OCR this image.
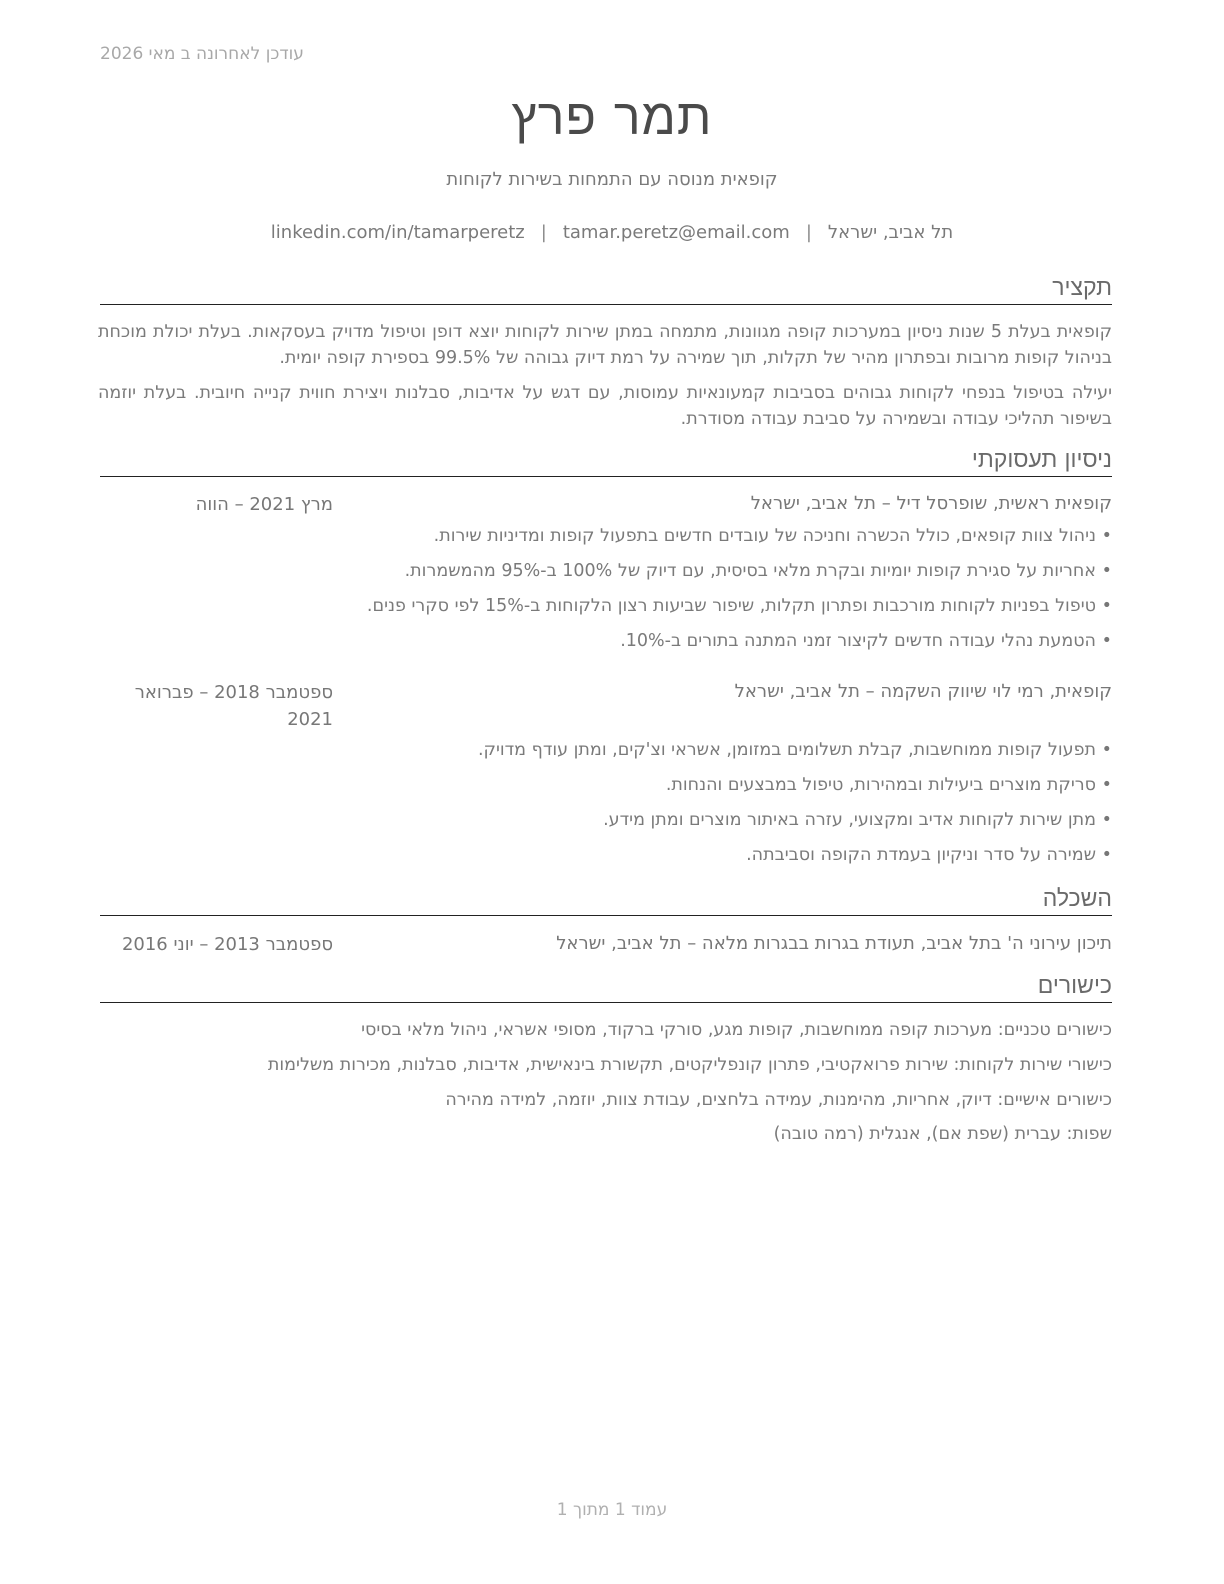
עודכן לאחרונה ב מאי 2026
תמר פרץ
קופאית מנוסה עם התמחות בשירות לקוחות
תל אביב, ישראל|tamar.peretz@email.com|linkedin.com/in/tamarperetz
תקציר
קופאית בעלת 5 שנות ניסיון במערכות קופה מגוונות, מתמחה במתן שירות לקוחות יוצא דופן וטיפול מדויק בעסקאות. בעלת יכולת מוכחת בניהול קופות מרובות ובפתרון מהיר של תקלות, תוך שמירה על רמת דיוק גבוהה של 99.5% בספירת קופה יומית.
יעילה בטיפול בנפחי לקוחות גבוהים בסביבות קמעונאיות עמוסות, עם דגש על אדיבות, סבלנות ויצירת חווית קנייה חיובית. בעלת יוזמה בשיפור תהליכי עבודה ובשמירה על סביבת עבודה מסודרת.
ניסיון תעסוקתי
קופאית ראשית, שופרסל דיל – תל אביב, ישראל
מרץ 2021 – הווה
•
ניהול צוות קופאים, כולל הכשרה וחניכה של עובדים חדשים בתפעול קופות ומדיניות שירות.
•
אחריות על סגירת קופות יומיות ובקרת מלאי בסיסית, עם דיוק של 100% ב-95% מהמשמרות.
•
טיפול בפניות לקוחות מורכבות ופתרון תקלות, שיפור שביעות רצון הלקוחות ב-15% לפי סקרי פנים.
•
הטמעת נהלי עבודה חדשים לקיצור זמני המתנה בתורים ב-10%.
קופאית, רמי לוי שיווק השקמה – תל אביב, ישראל
ספטמבר 2018 – פברואר 2021
•
תפעול קופות ממוחשבות, קבלת תשלומים במזומן, אשראי וצ'קים, ומתן עודף מדויק.
•
סריקת מוצרים ביעילות ובמהירות, טיפול במבצעים והנחות.
•
מתן שירות לקוחות אדיב ומקצועי, עזרה באיתור מוצרים ומתן מידע.
•
שמירה על סדר וניקיון בעמדת הקופה וסביבתה.
השכלה
תיכון עירוני ה' בתל אביב, תעודת בגרות בבגרות מלאה – תל אביב, ישראל
ספטמבר 2013 – יוני 2016
כישורים
כישורים טכניים: מערכות קופה ממוחשבות, קופות מגע, סורקי ברקוד, מסופי אשראי, ניהול מלאי בסיסי
כישורי שירות לקוחות: שירות פרואקטיבי, פתרון קונפליקטים, תקשורת בינאישית, אדיבות, סבלנות, מכירות משלימות
כישורים אישיים: דיוק, אחריות, מהימנות, עמידה בלחצים, עבודת צוות, יוזמה, למידה מהירה
שפות: עברית (שפת אם), אנגלית (רמה טובה)
עמוד 1 מתוך 1
